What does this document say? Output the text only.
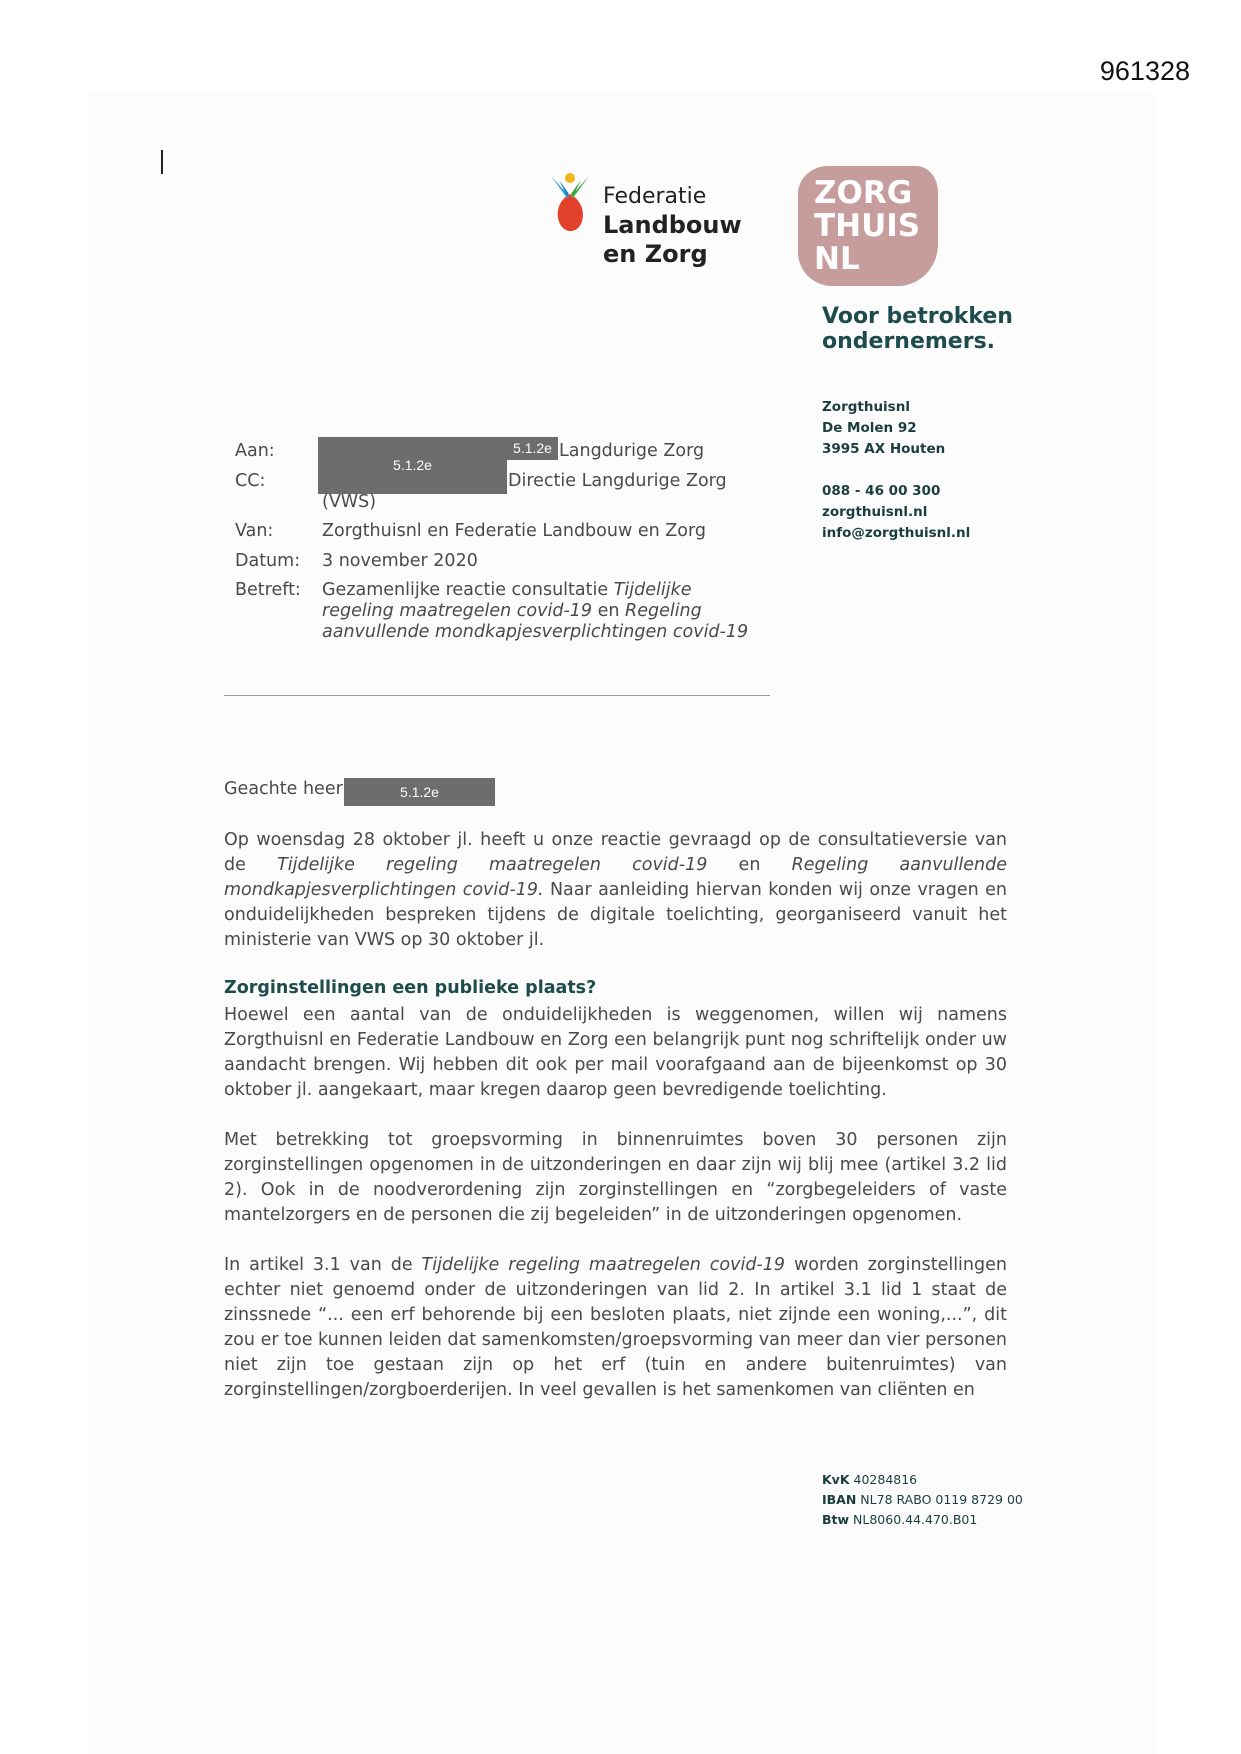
961328
Federatie
Landbouw
en Zorg
ZORG
THUIS
NL
Voor betrokken
ondernemers.
Zorgthuisnl
De Molen 92
3995 AX Houten
088 - 46 00 300
zorgthuisnl.nl
info@zorgthuisnl.nl
Aan:
CC:
5.1.2e
5.1.2e Langdurige Zorg
Directie Langdurige Zorg
(VWS)
Van:	Zorgthuisnl en Federatie Landbouw en Zorg
Datum: 3 november 2020
Betreft: Gezamenlijke reactie consultatie Tijdelijke
regeling maatregelen covid-19 en Regeling
aanvullende mondkapjesverplichtingen covid-19
Geachte heer	5.1.2e
Op woensdag 28 oktober jl. heeft u onze reactie gevraagd op de consultatieversie van de Tijdelijke regeling maatregelen covid-19 en Regeling aanvullende mondkapjesverplichtingen covid-19. Naar aanleiding hiervan konden wij onze vragen en onduidelijkheden bespreken tijdens de digitale toelichting, georganiseerd vanuit het ministerie van VWS op 30 oktober jl.
Zorginstellingen een publieke plaats?
Hoewel een aantal van de onduidelijkheden is weggenomen, willen wij namens Zorgthuisnl en Federatie Landbouw en Zorg een belangrijk punt nog schriftelijk onder uw aandacht brengen. Wij hebben dit ook per mail voorafgaand aan de bijeenkomst op 30 oktober jl. aangekaart, maar kregen daarop geen bevredigende toelichting.
Met betrekking tot groepsvorming in binnenruimtes boven 30 personen zijn zorginstellingen opgenomen in de uitzonderingen en daar zijn wij blij mee (artikel 3.2 lid 2). Ook in de noodverordening zijn zorginstellingen en “zorgbegeleiders of vaste mantelzorgers en de personen die zij begeleiden” in de uitzonderingen opgenomen.
In artikel 3.1 van de Tijdelijke regeling maatregelen covid-19 worden zorginstellingen echter niet genoemd onder de uitzonderingen van lid 2. In artikel 3.1 lid 1 staat de zinssnede “... een erf behorende bij een besloten plaats, niet zijnde een woning,...”, dit zou er toe kunnen leiden dat samenkomsten/groepsvorming van meer dan vier personen niet zijn toe gestaan zijn op het erf (tuin en andere buitenruimtes) van zorginstellingen/zorgboerderijen. In veel gevallen is het samenkomen van cliënten en
KvK 40284816
IBAN NL78 RABO 0119 8729 00
Btw NL8060.44.470.B01
